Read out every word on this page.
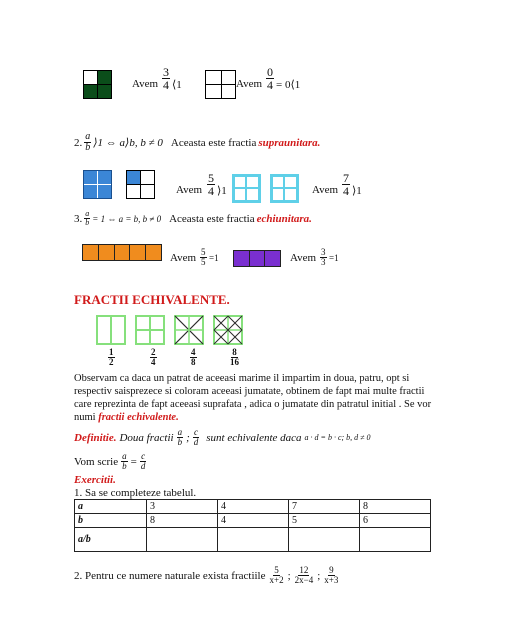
Avem $\frac{3}{4}$ ⟨1	Avem $\frac{0}{4}$ = 0⟨1
2. $\frac{a}{b}$ ⟩1 ⇔ a⟩b, b ≠ 0 Aceasta este fractia supraunitara.
Avem $\frac{5}{4}$ ⟩1	Avem $\frac{7}{4}$ ⟩1
3. $\frac{a}{b} = 1$ ⇔ a = b, b ≠ 0 Aceasta este fractia echiunitara.
Avem $\frac{5}{5} =1$	Avem $\frac{3}{3} =1$
FRACTII ECHIVALENTE.
$\frac{1}{2}$	$\frac{2}{4}$	$\frac{4}{8}$	$\frac{8}{16}$
Observam ca daca un patrat de aceeasi marime il impartim in doua, patru, opt si respectiv saisprezece si coloram aceeasi jumatate, obtinem de fapt mai multe fractii care reprezinta de fapt aceeasi suprafata , adica o jumatate din patratul initial . Se vor numi fractii echivalente.
Definitie. Doua fractii $\frac{a}{b}$ ; $\frac{c}{d}$ sunt echivalente daca a · d = b · c; b, d ≠ 0
Vom scrie $\frac{a}{b} = \frac{c}{d}$
Exercitii.
1. Sa se completeze tabelul.
a	3	4	7	8
b	8	4	5	6
a/b				
2. Pentru ce numere naturale exista fractiile $\frac{5}{x+2}$ ; $\frac{12}{2x-4}$ ; $\frac{9}{x+3}$
